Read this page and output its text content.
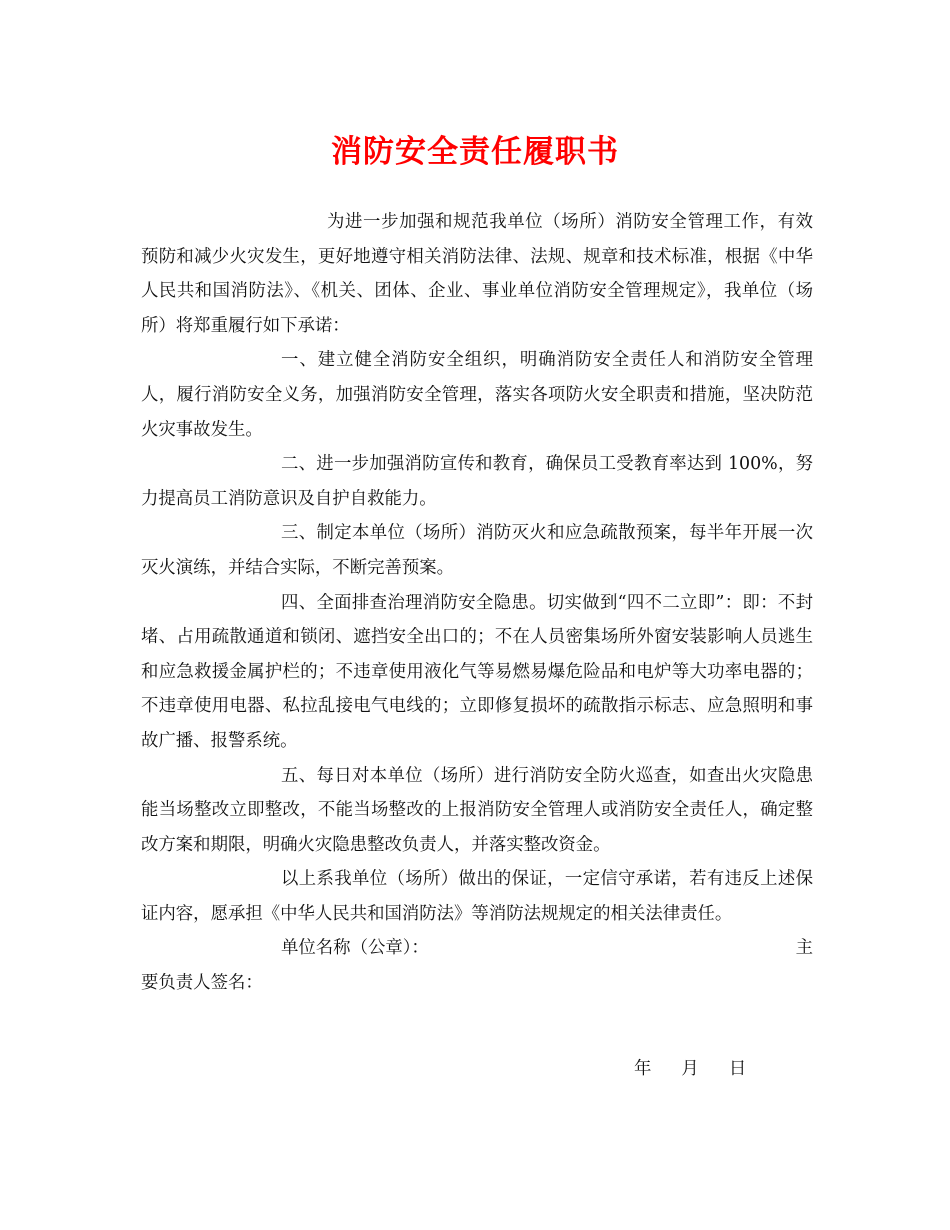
消防安全责任履职书

为进一步加强和规范我单位（场所）消防安全管理工作，有效预防和减少火灾发生，更好地遵守相关消防法律、法规、规章和技术标准，根据《中华人民共和国消防法》、《机关、团体、企业、事业单位消防安全管理规定》，我单位（场所）将郑重履行如下承诺：

一、建立健全消防安全组织，明确消防安全责任人和消防安全管理人，履行消防安全义务，加强消防安全管理，落实各项防火安全职责和措施，坚决防范火灾事故发生。

二、进一步加强消防宣传和教育，确保员工受教育率达到 100%，努力提高员工消防意识及自护自救能力。

三、制定本单位（场所）消防灭火和应急疏散预案，每半年开展一次灭火演练，并结合实际，不断完善预案。

四、全面排查治理消防安全隐患。切实做到“四不二立即”：即：不封堵、占用疏散通道和锁闭、遮挡安全出口的；不在人员密集场所外窗安装影响人员逃生和应急救援金属护栏的；不违章使用液化气等易燃易爆危险品和电炉等大功率电器的；不违章使用电器、私拉乱接电气电线的；立即修复损坏的疏散指示标志、应急照明和事故广播、报警系统。

五、每日对本单位（场所）进行消防安全防火巡查，如查出火灾隐患能当场整改立即整改，不能当场整改的上报消防安全管理人或消防安全责任人，确定整改方案和期限，明确火灾隐患整改负责人，并落实整改资金。

以上系我单位（场所）做出的保证，一定信守承诺，若有违反上述保证内容，愿承担《中华人民共和国消防法》等消防法规规定的相关法律责任。

单位名称（公章）：	主

要负责人签名：

年 月 日
